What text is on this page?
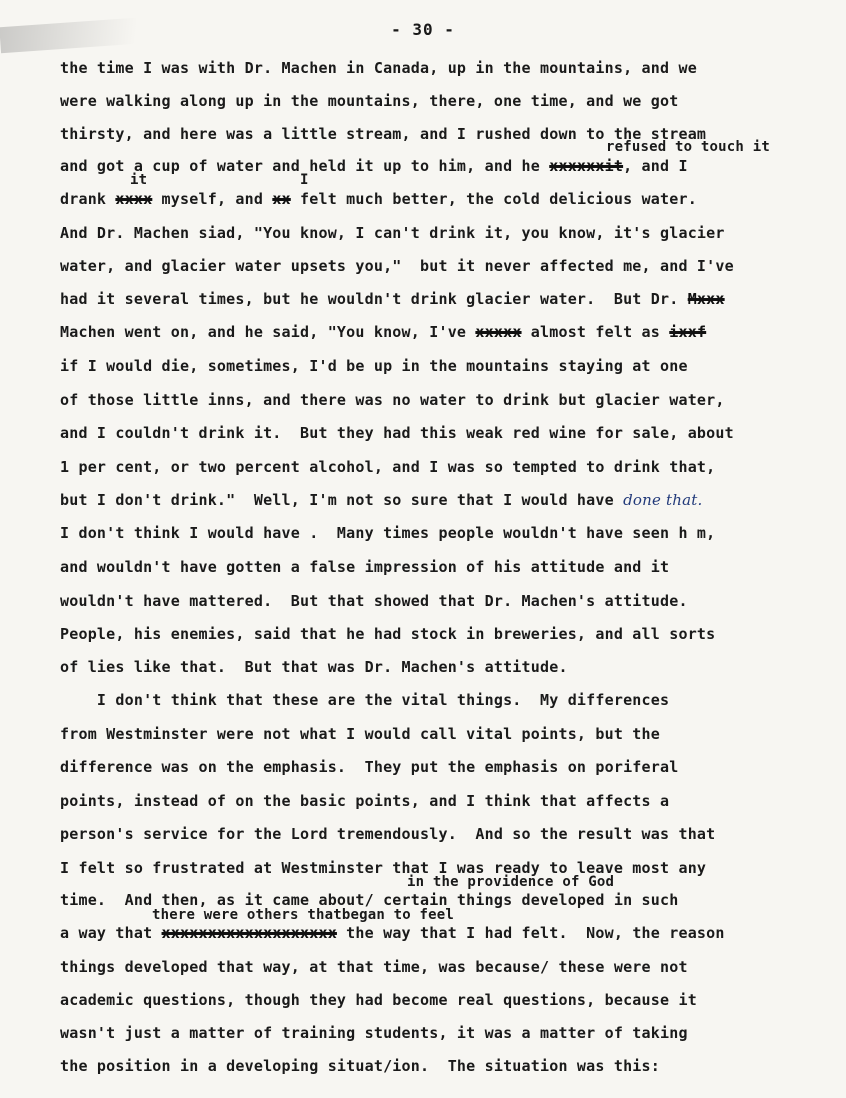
- 30 -
the time I was with Dr. Machen in Canada, up in the mountains, and we
were walking along up in the mountains, there, one time, and we got
thirsty, and here was a little stream, and I rushed down to the stream
refused to touch it
and got a cup of water and held it up to him, and he xxxxxxit, and I
it	I
drank xxxx myself, and xx felt much better, the cold delicious water.
And Dr. Machen siad, "You know, I can't drink it, you know, it's glacier
water, and glacier water upsets you,"  but it never affected me, and I've
had it several times, but he wouldn't drink glacier water.  But Dr. Mxxx
Machen went on, and he said, "You know, I've xxxxx almost felt as ixxf
if I would die, sometimes, I'd be up in the mountains staying at one
of those little inns, and there was no water to drink but glacier water,
and I couldn't drink it.  But they had this weak red wine for sale, about
1 per cent, or two percent alcohol, and I was so tempted to drink that,
but I don't drink."  Well, I'm not so sure that I would have done that.
I don't think I would have .  Many times people wouldn't have seen h m,
and wouldn't have gotten a false impression of his attitude and it
wouldn't have mattered.  But that showed that Dr. Machen's attitude.
People, his enemies, said that he had stock in breweries, and all sorts
of lies like that.  But that was Dr. Machen's attitude.
I don't think that these are the vital things.  My differences
from Westminster were not what I would call vital points, but the
difference was on the emphasis.  They put the emphasis on poriferal
points, instead of on the basic points, and I think that affects a
person's service for the Lord tremendously.  And so the result was that
I felt so frustrated at Westminster that I was ready to leave most any
in the providence of God
time.  And then, as it came about/ certain things developed in such
there were others thatbegan to feel
a way that xxxxxxxxxxxxxxxxxxx the way that I had felt.  Now, the reason
things developed that way, at that time, was because/ these were not
academic questions, though they had become real questions, because it
wasn't just a matter of training students, it was a matter of taking
the position in a developing situat/ion.  The situation was this:
